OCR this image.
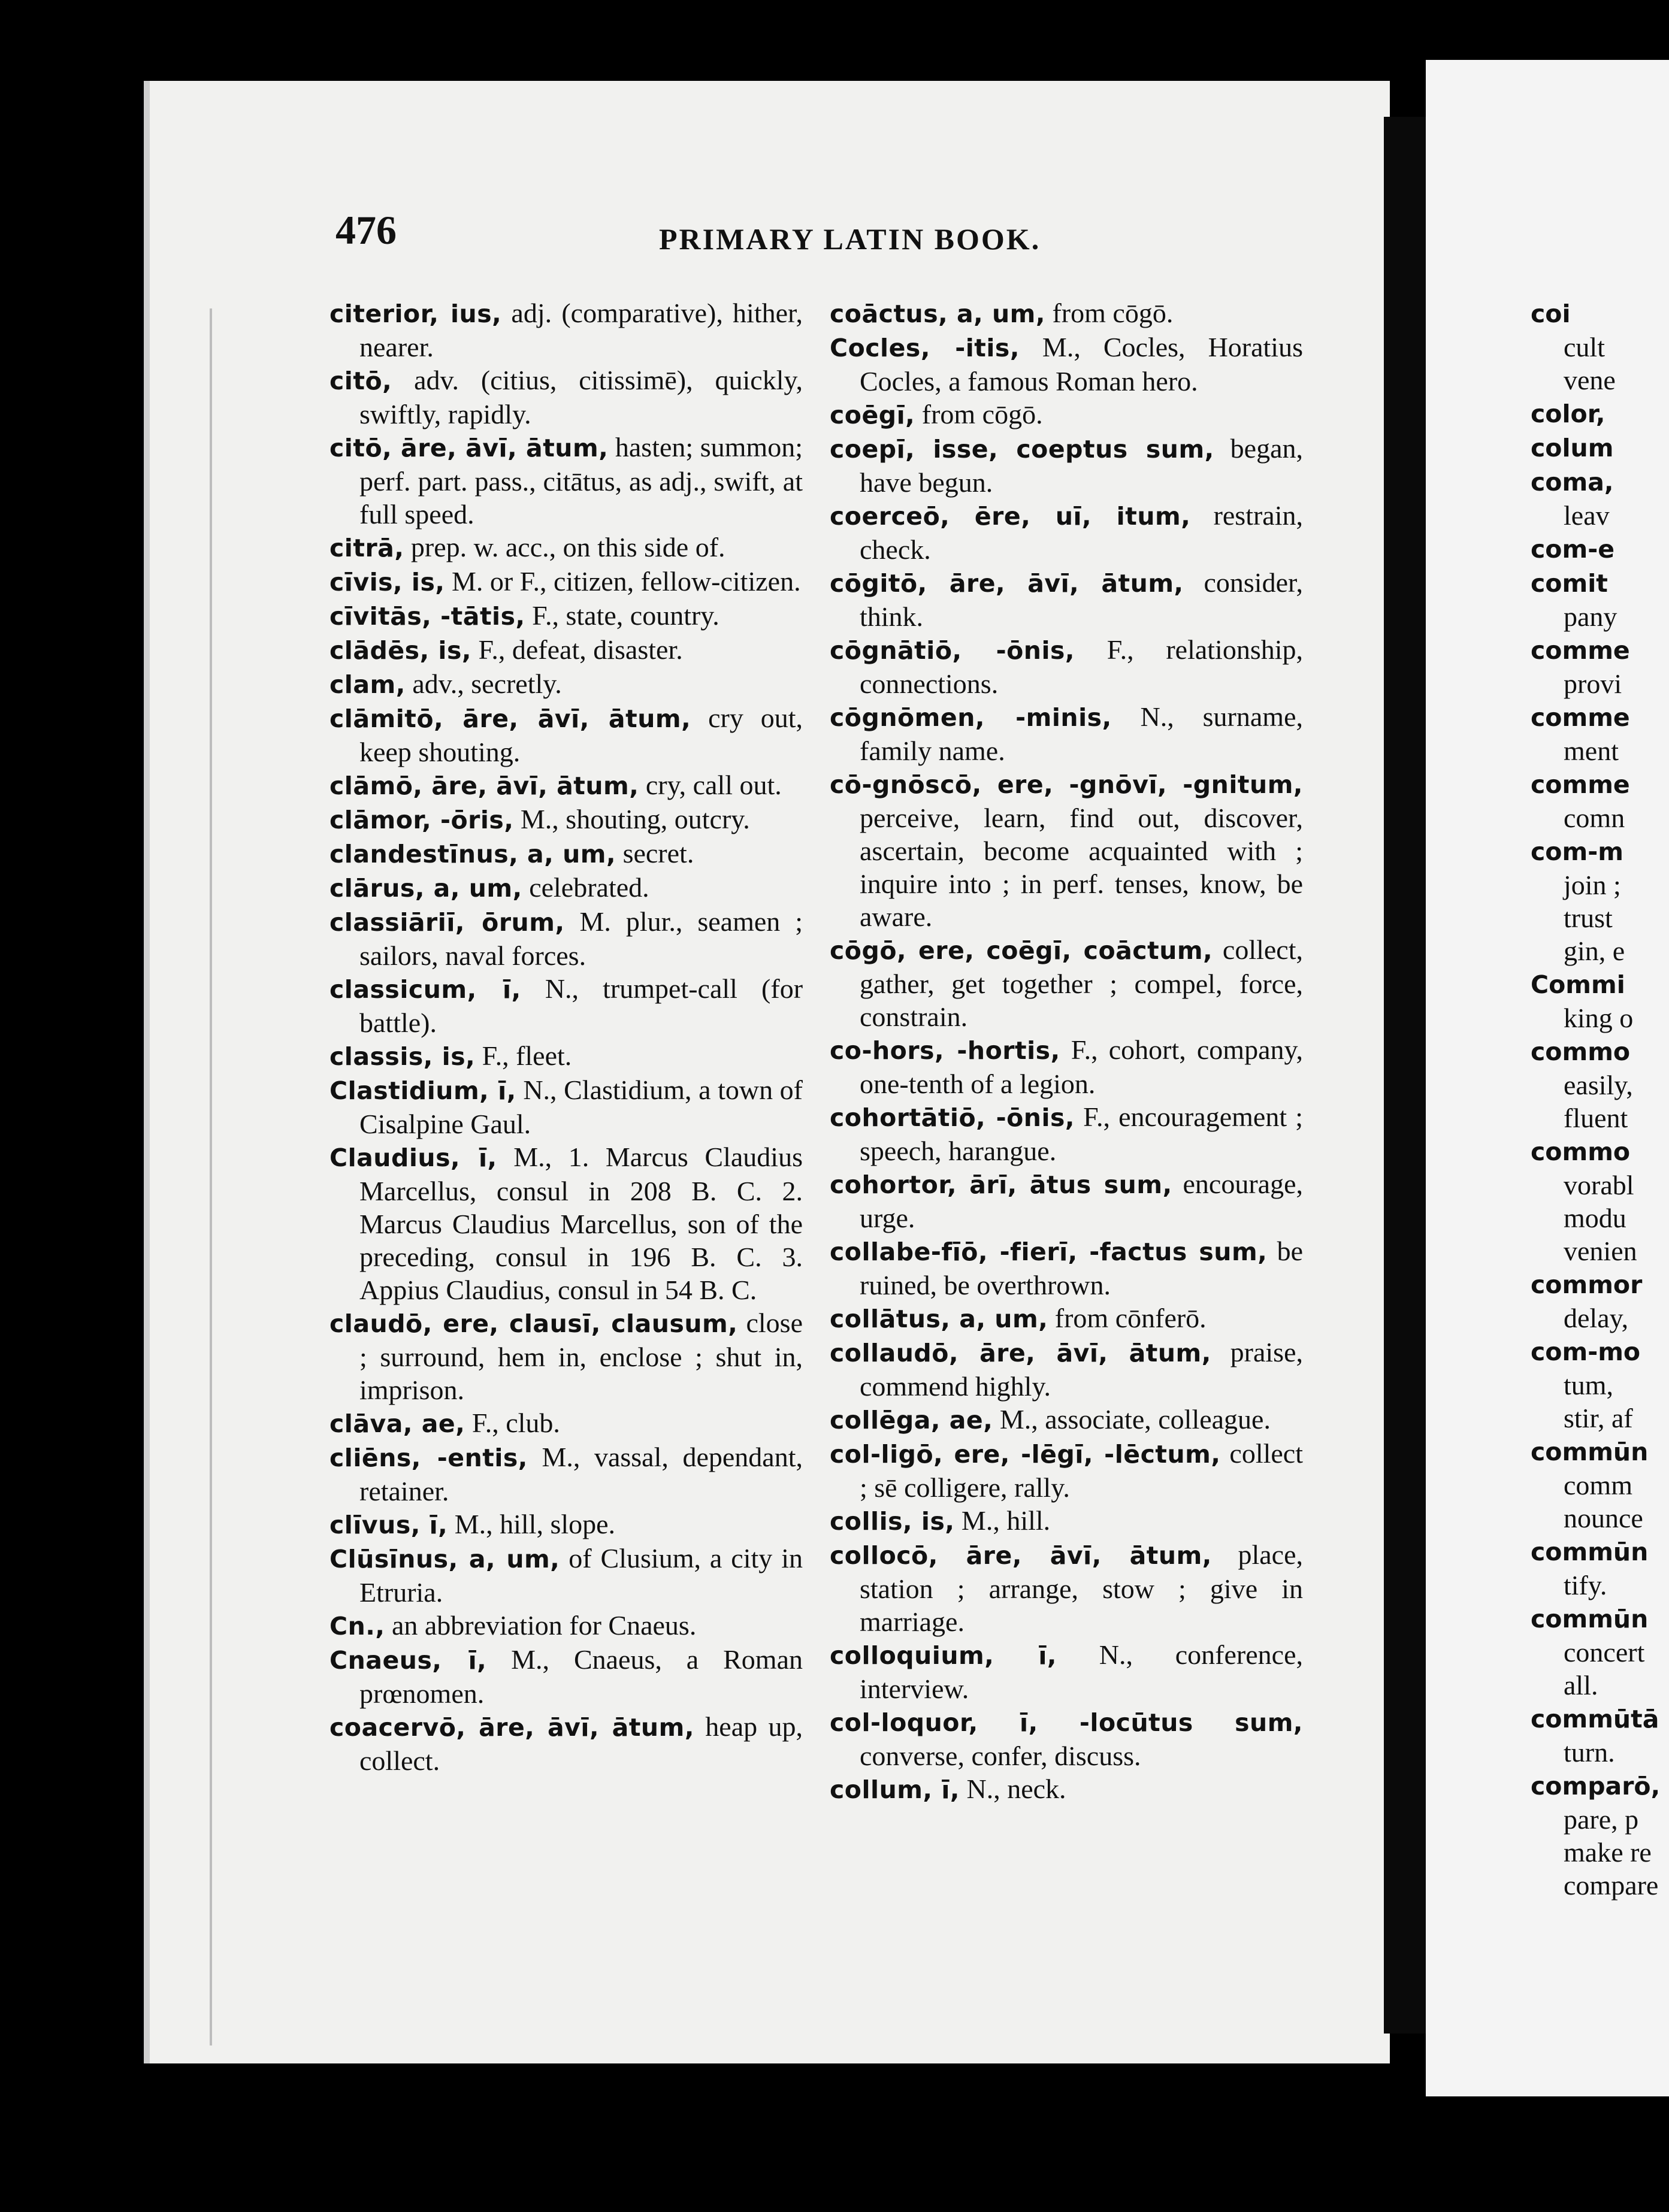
476	PRIMARY LATIN BOOK.

citerior, ius, adj. (comparative), hither, nearer.

citō, adv. (citius, citissimē), quickly, swiftly, rapidly.

citō, āre, āvī, ātum, hasten; summon; perf. part. pass., citātus, as adj., swift, at full speed.

citrā, prep. w. acc., on this side of.

cīvis, is, M. or F., citizen, fellow-citizen.

cīvitās, -tātis, F., state, country.

clādēs, is, F., defeat, disaster.

clam, adv., secretly.

clāmitō, āre, āvī, ātum, cry out, keep shouting.

clāmō, āre, āvī, ātum, cry, call out.

clāmor, -ōris, M., shouting, outcry.

clandestīnus, a, um, secret.

clārus, a, um, celebrated.

classiāriī, ōrum, M. plur., seamen ; sailors, naval forces.

classicum, ī, N., trumpet-call (for battle).

classis, is, F., fleet.

Clastidium, ī, N., Clastidium, a town of Cisalpine Gaul.

Claudius, ī, M., 1. Marcus Claudius Marcellus, consul in 208 B. C. 2. Marcus Claudius Marcellus, son of the preceding, consul in 196 B. C. 3. Appius Claudius, consul in 54 B. C.

claudō, ere, clausī, clausum, close ; surround, hem in, enclose ; shut in, imprison.

clāva, ae, F., club.

cliēns, -entis, M., vassal, dependant, retainer.

clīvus, ī, M., hill, slope.

Clūsīnus, a, um, of Clusium, a city in Etruria.

Cn., an abbreviation for Cnaeus.

Cnaeus, ī, M., Cnaeus, a Roman prœnomen.

coacervō, āre, āvī, ātum, heap up, collect.

coāctus, a, um, from cōgō.

Cocles, -itis, M., Cocles, Horatius Cocles, a famous Roman hero.

coēgī, from cōgō.

coepī, isse, coeptus sum, began, have begun.

coerceō, ēre, uī, itum, restrain, check.

cōgitō, āre, āvī, ātum, consider, think.

cōgnātiō, -ōnis, F., relationship, connections.

cōgnōmen, -minis, N., surname, family name.

cō-gnōscō, ere, -gnōvī, -gnitum, perceive, learn, find out, discover, ascertain, become acquainted with ; inquire into ; in perf. tenses, know, be aware.

cōgō, ere, coēgī, coāctum, collect, gather, get together ; compel, force, constrain.

co-hors, -hortis, F., cohort, company, one-tenth of a legion.

cohortātiō, -ōnis, F., encouragement ; speech, harangue.

cohortor, ārī, ātus sum, encourage, urge.

collabe-fīō, -fierī, -factus sum, be ruined, be overthrown.

collātus, a, um, from cōnferō.

collaudō, āre, āvī, ātum, praise, commend highly.

collēga, ae, M., associate, colleague.

col-ligō, ere, -lēgī, -lēctum, collect ; sē colligere, rally.

collis, is, M., hill.

collocō, āre, āvī, ātum, place, station ; arrange, stow ; give in marriage.

colloquium, ī, N., conference, interview.

col-loquor, ī, -locūtus sum, converse, confer, discuss.

collum, ī, N., neck.

coi
cult
vene
color,
colum
coma,
leav
com-e
comit
pany
comme
provi
comme
ment
comme
comn
com-m
join ;
trust
gin, e
Commi
king o
commo
easily,
fluent
commo
vorabl
modu
venien
commor
delay,
com-mo
tum,
stir, af
commūn
comm
nounce
commūn
tify.
commūn
concert
all.
commūtā
turn.
comparō,
pare, p
make re
compare
